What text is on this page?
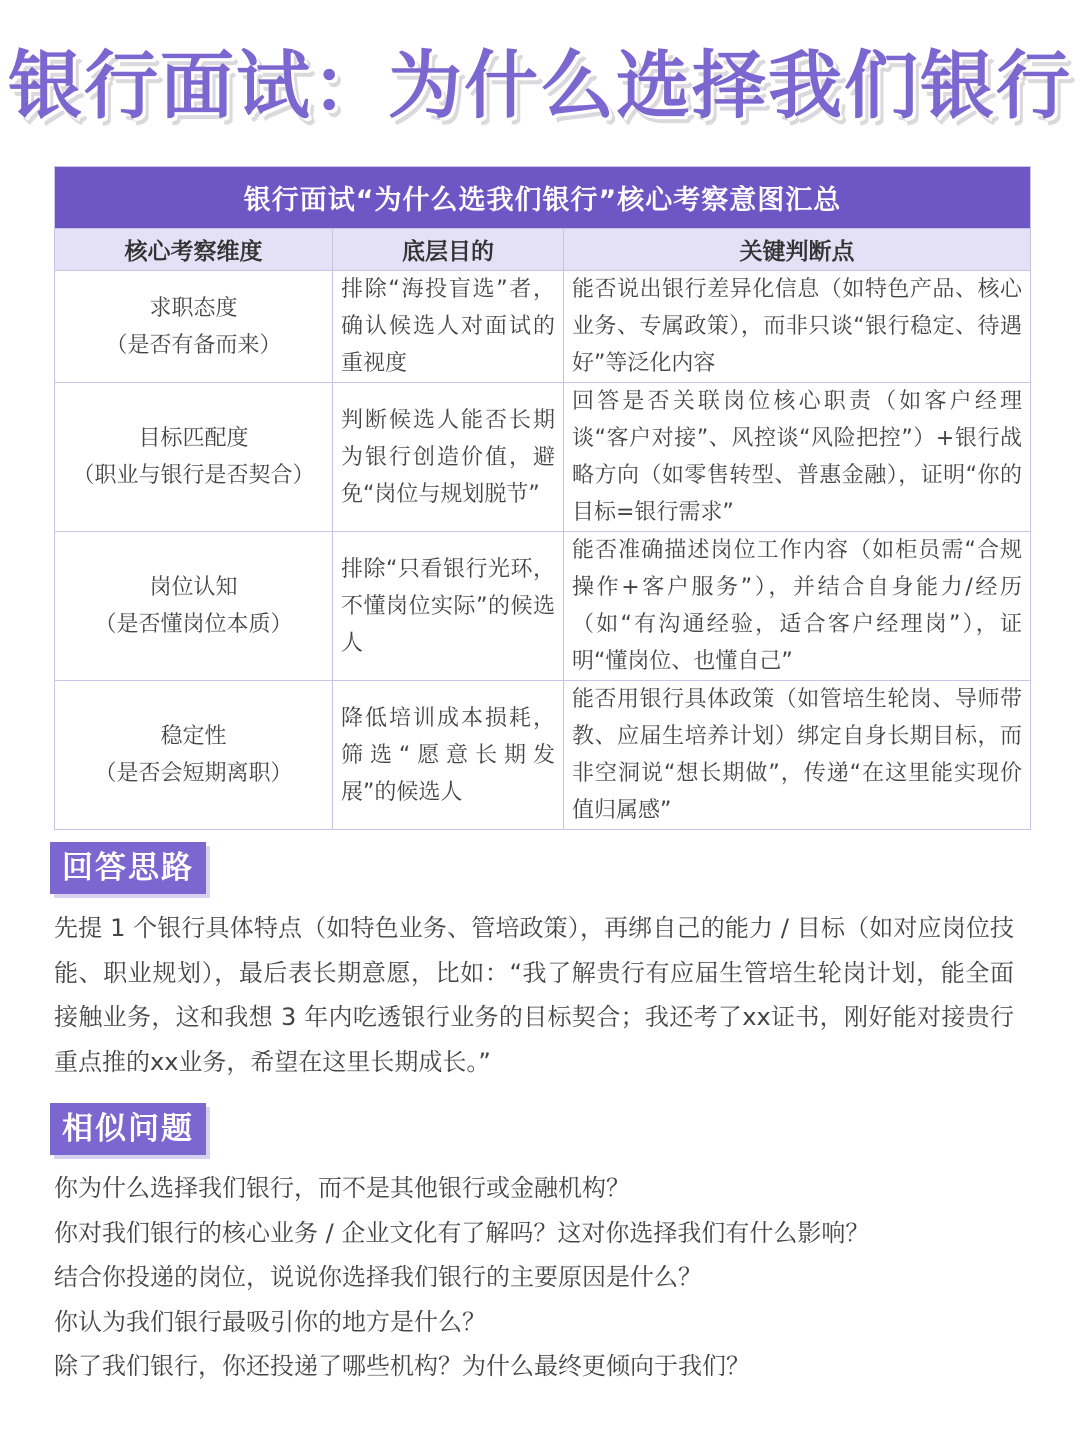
银行面试：为什么选择我们银行
银行面试“为什么选我们银行”核心考察意图汇总		
核心考察维度	底层目的	关键判断点

求职态度
（是否有备而来）	排除“海投盲选”者，确认候选人对面试的重视度	能否说出银行差异化信息（如特色产品、核心业务、专属政策），而非只谈“银行稳定、待遇好”等泛化内容

目标匹配度
（职业与银行是否契合）	判断候选人能否长期为银行创造价值，避免“岗位与规划脱节”	回答是否关联岗位核心职责（如客户经理谈“客户对接”、风控谈“风险把控”）+银行战略方向（如零售转型、普惠金融），证明“你的目标=银行需求”

岗位认知
（是否懂岗位本质）	排除“只看银行光环，不懂岗位实际”的候选人	能否准确描述岗位工作内容（如柜员需“合规操作+客户服务”），并结合自身能力/经历（如“有沟通经验，适合客户经理岗”），证明“懂岗位、也懂自己”

稳定性
（是否会短期离职）	降低培训成本损耗，筛选“愿意长期发展”的候选人	能否用银行具体政策（如管培生轮岗、导师带教、应届生培养计划）绑定自身长期目标，而非空洞说“想长期做”，传递“在这里能实现价值归属感”
回答思路
先提 1 个银行具体特点（如特色业务、管培政策），再绑自己的能力 / 目标（如对应岗位技能、职业规划），最后表长期意愿，比如：“我了解贵行有应届生管培生轮岗计划，能全面接触业务，这和我想 3 年内吃透银行业务的目标契合；我还考了xx证书，刚好能对接贵行重点推的xx业务，希望在这里长期成长。”
相似问题
你为什么选择我们银行，而不是其他银行或金融机构？
你对我们银行的核心业务 / 企业文化有了解吗？这对你选择我们有什么影响？
结合你投递的岗位，说说你选择我们银行的主要原因是什么？
你认为我们银行最吸引你的地方是什么？
除了我们银行，你还投递了哪些机构？为什么最终更倾向于我们？
